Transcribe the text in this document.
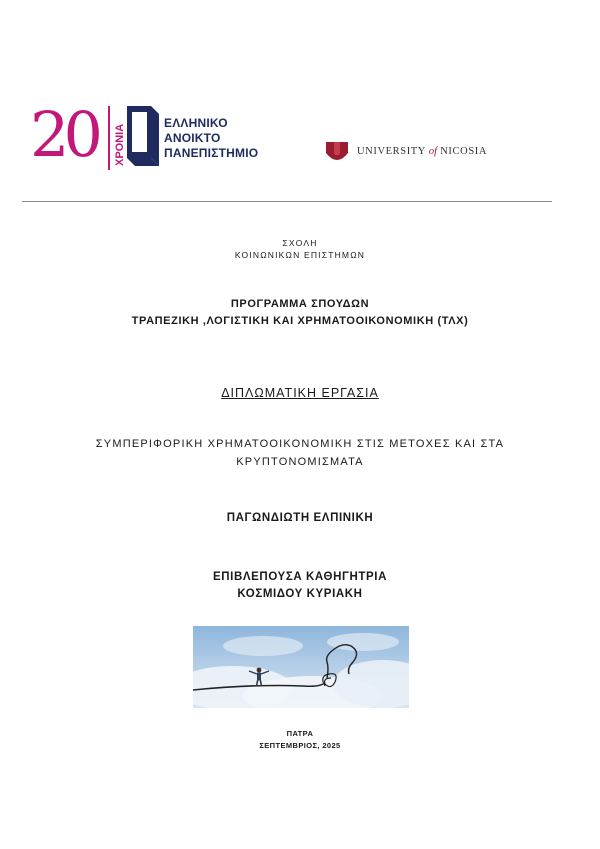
20 ΧΡΟΝΙΑ
ΕΛΛΗΝΙΚΟ
ΑΝΟΙΚΤΟ
ΠΑΝΕΠΙΣΤΗΜΙΟ	UNIVERSITY of NICOSIA
ΣΧΟΛΗ
ΚΟΙΝΩΝΙΚΩΝ ΕΠΙΣΤΗΜΩΝ
ΠΡΟΓΡΑΜΜΑ ΣΠΟΥΔΩΝ
ΤΡΑΠΕΖΙΚΗ ,ΛΟΓΙΣΤΙΚΗ ΚΑΙ ΧΡΗΜΑΤΟΟΙΚΟΝΟΜΙΚΗ (ΤΛΧ)
ΔΙΠΛΩΜΑΤΙΚΗ ΕΡΓΑΣΙΑ
ΣΥΜΠΕΡΙΦΟΡΙΚΗ ΧΡΗΜΑΤΟΟΙΚΟΝΟΜΙΚΗ ΣΤΙΣ ΜΕΤΟΧΕΣ ΚΑΙ ΣΤΑ
ΚΡΥΠΤΟΝΟΜΙΣΜΑΤΑ
ΠΑΓΩΝΔΙΩΤΗ ΕΛΠΙΝΙΚΗ
ΕΠΙΒΛΕΠΟΥΣΑ ΚΑΘΗΓΗΤΡΙΑ
ΚΟΣΜΙΔΟΥ ΚΥΡΙΑΚΗ
ΠΑΤΡΑ
ΣΕΠΤΕΜΒΡΙΟΣ, 2025
